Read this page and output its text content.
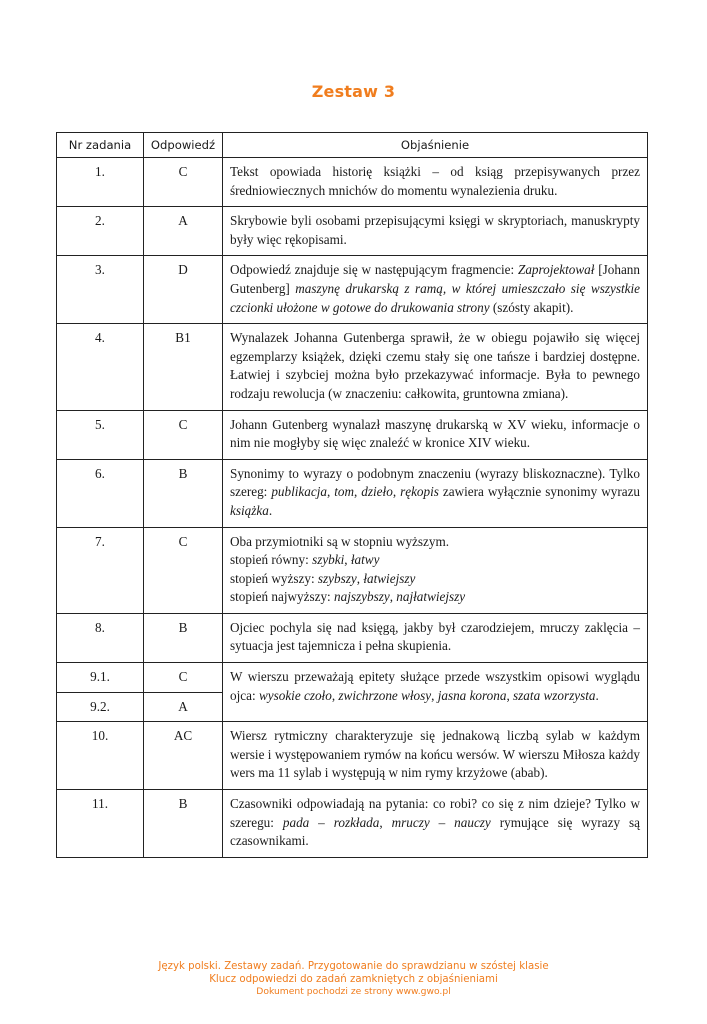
Zestaw 3
Nr zadania	Odpowiedź	Objaśnienie
1.	C	Tekst opowiada historię książki – od ksiąg przepisywanych przez średniowiecznych mnichów do momentu wynalezienia druku.
2.	A	Skrybowie byli osobami przepisującymi księgi w skryptoriach, manuskrypty były więc rękopisami.
3.	D	Odpowiedź znajduje się w następującym fragmencie: Zaprojektował [Johann Gutenberg] maszynę drukarską z ramą, w której umieszczało się wszystkie czcionki ułożone w gotowe do drukowania strony (szósty akapit).
4.	B1	Wynalazek Johanna Gutenberga sprawił, że w obiegu pojawiło się więcej egzemplarzy książek, dzięki czemu stały się one tańsze i bardziej dostępne. Łatwiej i szybciej można było przekazywać informacje. Była to pewnego rodzaju rewolucja (w znaczeniu: całkowita, gruntowna zmiana).
5.	C	Johann Gutenberg wynalazł maszynę drukarską w XV wieku, informacje o nim nie mogłyby się więc znaleźć w kronice XIV wieku.
6.	B	Synonimy to wyrazy o podobnym znaczeniu (wyrazy bliskoznaczne). Tylko szereg: publikacja, tom, dzieło, rękopis zawiera wyłącznie synonimy wyrazu książka.
7.	C	Oba przymiotniki są w stopniu wyższym.
stopień równy: szybki, łatwy
stopień wyższy: szybszy, łatwiejszy
stopień najwyższy: najszybszy, najłatwiejszy

8.	B	Ojciec pochyla się nad księgą, jakby był czarodziejem, mruczy zaklęcia – sytuacja jest tajemnicza i pełna skupienia.
9.1.	C	W wierszu przeważają epitety służące przede wszystkim opisowi wyglądu ojca: wysokie czoło, zwichrzone włosy, jasna korona, szata wzorzysta.
9.2.	A	
10.	AC	Wiersz rytmiczny charakteryzuje się jednakową liczbą sylab w każdym wersie i występowaniem rymów na końcu wersów. W wierszu Miłosza każdy wers ma 11 sylab i występują w nim rymy krzyżowe (abab).
11.	B	Czasowniki odpowiadają na pytania: co robi? co się z nim dzieje? Tylko w szeregu: pada – rozkłada, mruczy – nauczy rymujące się wyrazy są czasownikami.
Język polski. Zestawy zadań. Przygotowanie do sprawdzianu w szóstej klasie
Klucz odpowiedzi do zadań zamkniętych z objaśnieniami
Dokument pochodzi ze strony www.gwo.pl
